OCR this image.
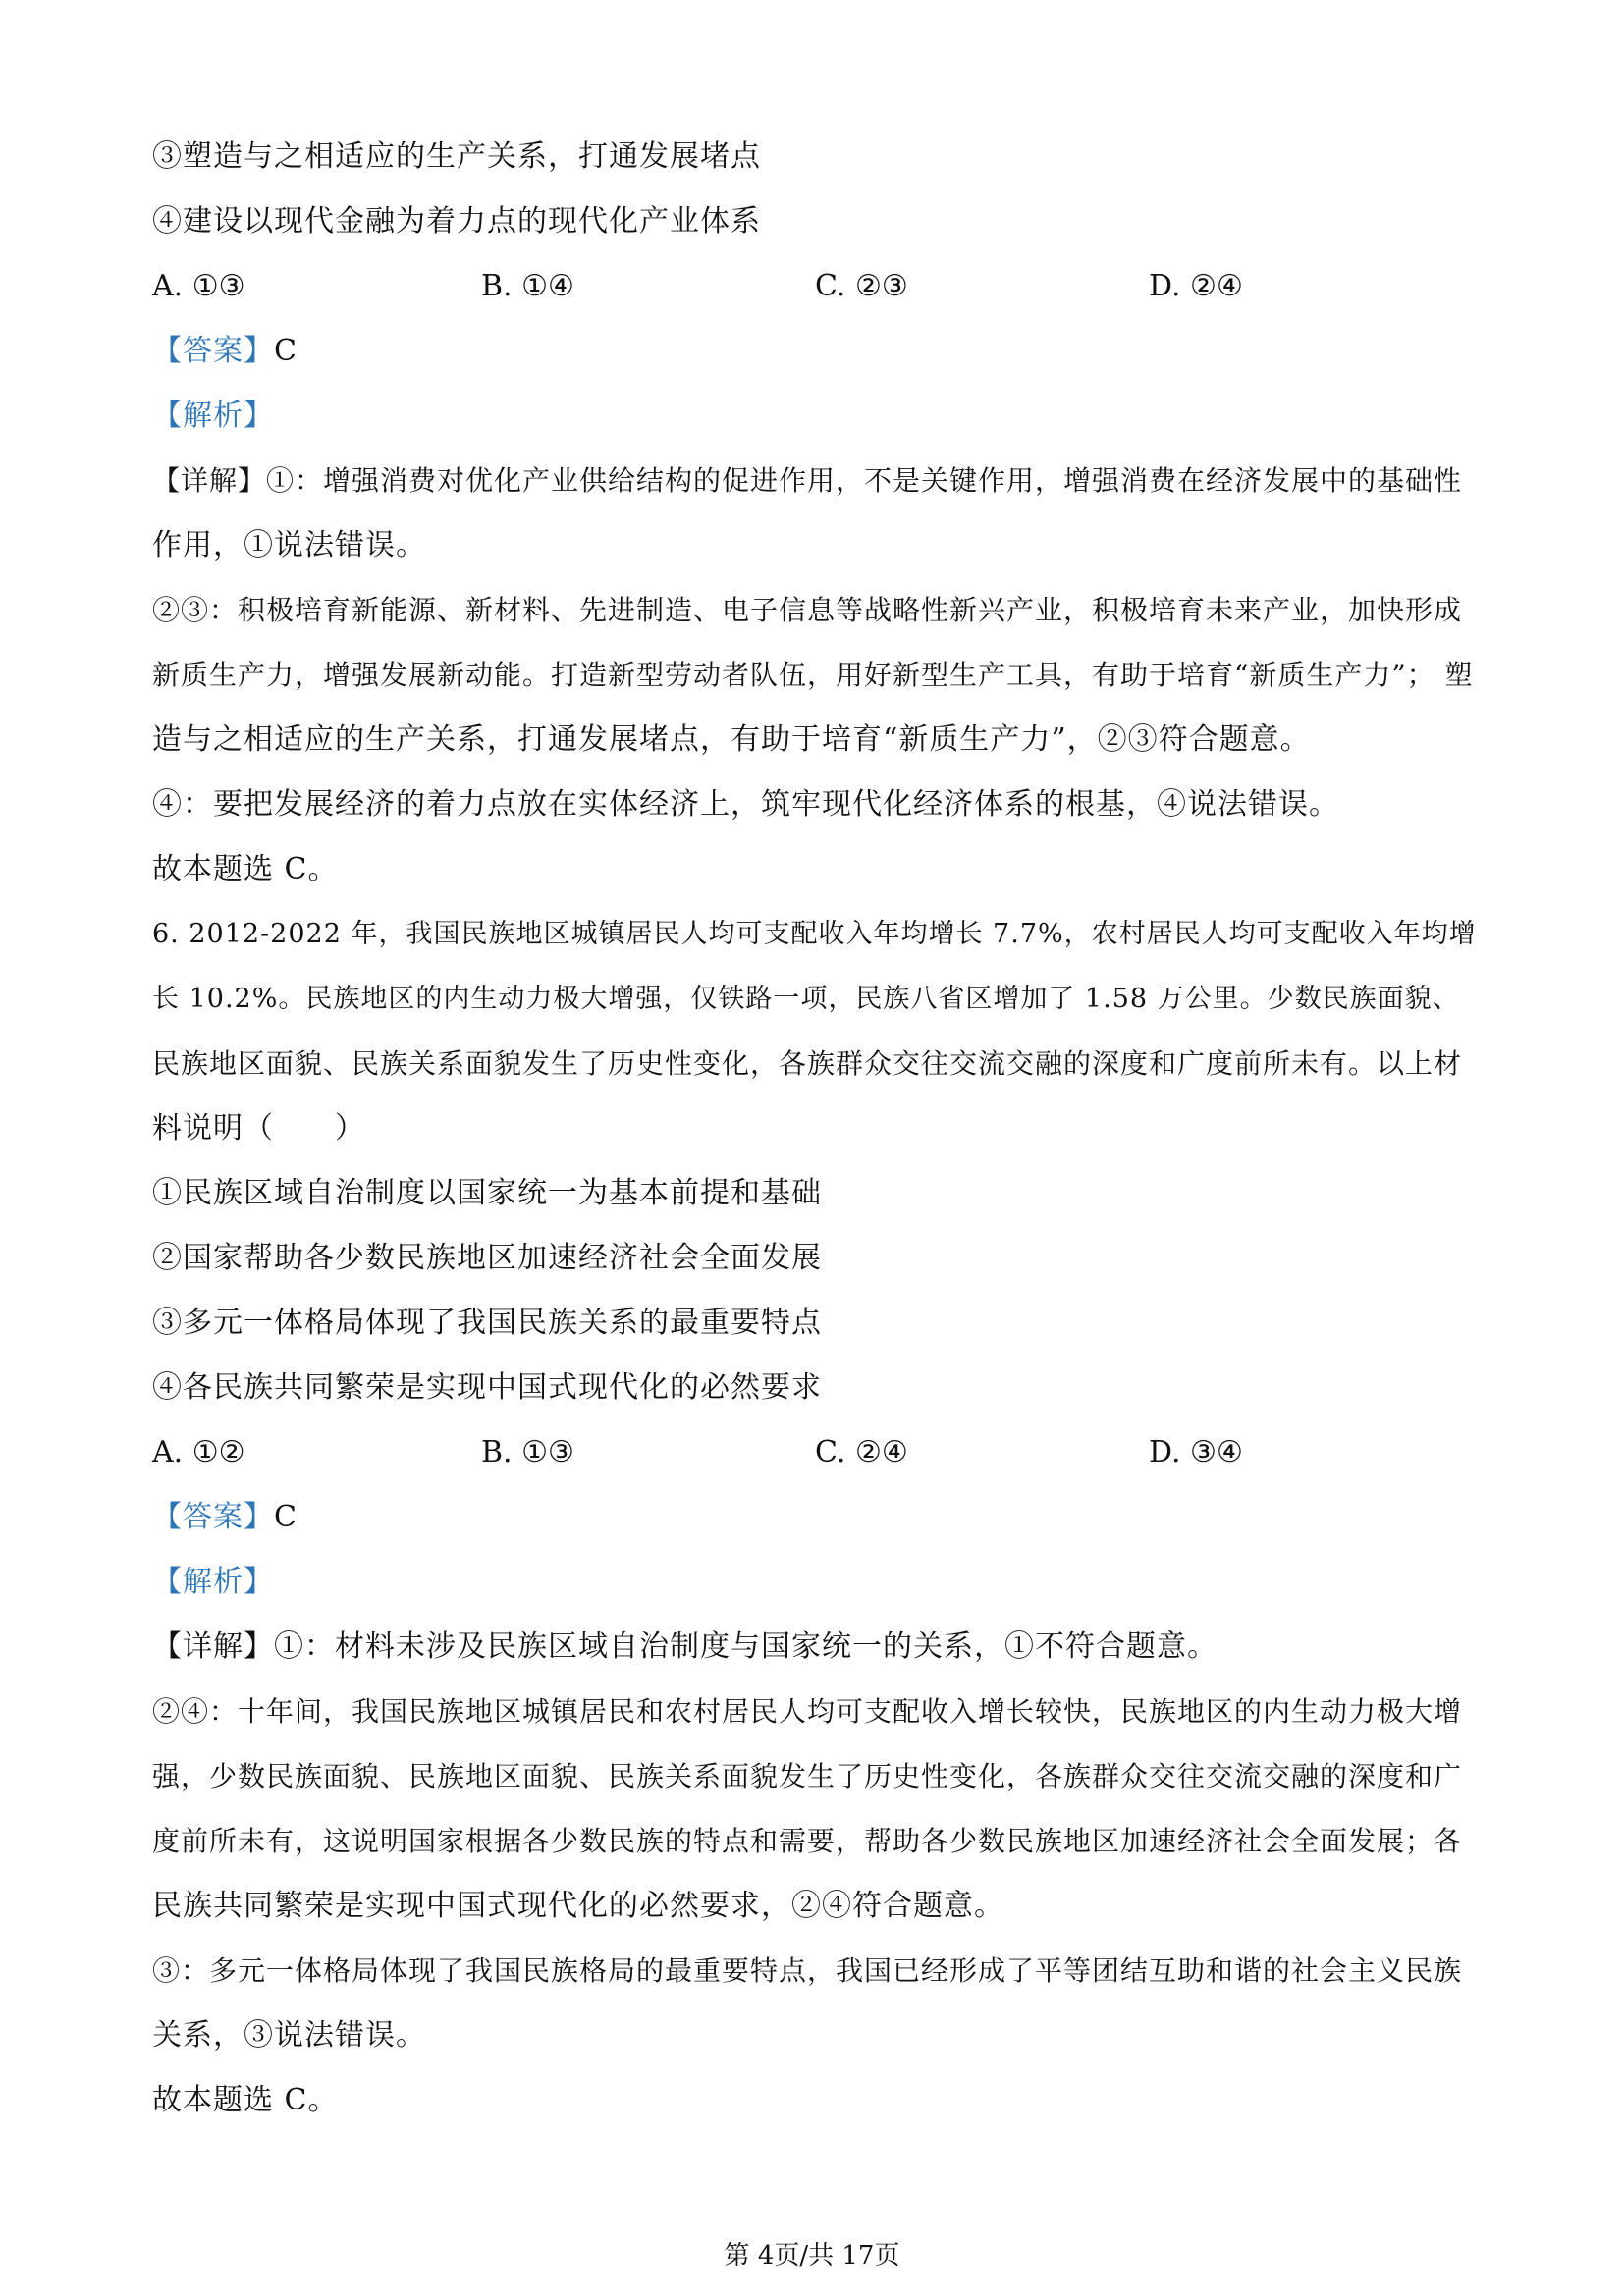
③塑造与之相适应的生产关系，打通发展堵点
④建设以现代金融为着力点的现代化产业体系
A. ①③	B. ①④	C. ②③	D. ②④
【答案】C
【解析】
【详解】①：增强消费对优化产业供给结构的促进作用，不是关键作用，增强消费在经济发展中的基础性
作用，①说法错误。
②③：积极培育新能源、新材料、先进制造、电子信息等战略性新兴产业，积极培育未来产业，加快形成
新质生产力，增强发展新动能。打造新型劳动者队伍，用好新型生产工具，有助于培育“新质生产力”； 塑
造与之相适应的生产关系，打通发展堵点，有助于培育“新质生产力”，②③符合题意。
④：要把发展经济的着力点放在实体经济上，筑牢现代化经济体系的根基，④说法错误。
故本题选 C。
6. 2012-2022 年，我国民族地区城镇居民人均可支配收入年均增长 7.7%，农村居民人均可支配收入年均增
长 10.2%。民族地区的内生动力极大增强，仅铁路一项，民族八省区增加了 1.58 万公里。少数民族面貌、
民族地区面貌、民族关系面貌发生了历史性变化，各族群众交往交流交融的深度和广度前所未有。以上材
料说明（　　）
①民族区域自治制度以国家统一为基本前提和基础
②国家帮助各少数民族地区加速经济社会全面发展
③多元一体格局体现了我国民族关系的最重要特点
④各民族共同繁荣是实现中国式现代化的必然要求
A. ①②	B. ①③	C. ②④	D. ③④
【答案】C
【解析】
【详解】①：材料未涉及民族区域自治制度与国家统一的关系，①不符合题意。
②④：十年间，我国民族地区城镇居民和农村居民人均可支配收入增长较快，民族地区的内生动力极大增
强，少数民族面貌、民族地区面貌、民族关系面貌发生了历史性变化，各族群众交往交流交融的深度和广
度前所未有，这说明国家根据各少数民族的特点和需要，帮助各少数民族地区加速经济社会全面发展；各
民族共同繁荣是实现中国式现代化的必然要求，②④符合题意。
③：多元一体格局体现了我国民族格局的最重要特点，我国已经形成了平等团结互助和谐的社会主义民族
关系，③说法错误。
故本题选 C。
第 4页/共 17页
